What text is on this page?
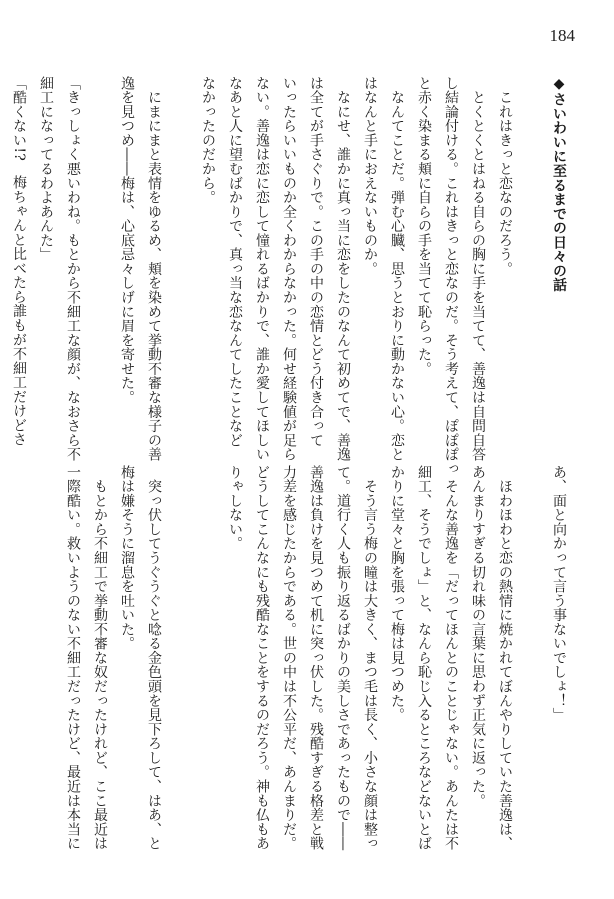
184
◆さいわいに至るまでの日々の話
　これはきっと恋なのだろう。
　とくとくとはねる自らの胸に手を当てて、善逸は自問自答
し結論付ける。これはきっと恋なのだ。そう考えて、ぽぽぽっ
と赤く染まる頬に自らの手を当てて恥らった。
　なんてことだ。弾む心臓、思うとおりに動かない心。恋と
はなんと手におえないものか。
　なにせ、誰かに真っ当に恋をしたのなんて初めてで、善逸
は全てが手さぐりで。この手の中の恋情とどう付き合って
いったらいいものか全くわからなかった。何せ経験値が足ら
ない。善逸は恋に恋して憧れるばかりで、誰か愛してほしい
なあと人に望むばかりで、真っ当な恋なんてしたことなど
なかったのだから。
　にまにまと表情をゆるめ、頬を染めて挙動不審な様子の善
逸を見つめ――梅は、心底忌々しげに眉を寄せた。
「きっしょく悪いわね。もとから不細工な顔が、なおさら不
細工になってるわよあんた」
「酷くない!?　梅ちゃんと比べたら誰もが不細工だけどさ
あ、面と向かって言う事ないでしょ！」
　ほわほわと恋の熱情に焼かれてぼんやりしていた善逸は、
あんまりすぎる切れ味の言葉に思わず正気に返った。
　そんな善逸を「だってほんとのことじゃない。あんたは不
細工、そうでしょ」と、なんら恥じ入るところなどないとば
かりに堂々と胸を張って梅は見つめた。
　そう言う梅の瞳は大きく、まつ毛は長く、小さな顔は整っ
て。道行く人も振り返るばかりの美しさであったもので――
善逸は負けを見つめて机に突っ伏した。残酷すぎる格差と戦
力差を感じたからである。世の中は不公平だ、あんまりだ。
どうしてこんなにも残酷なことをするのだろう。神も仏もあ
りゃしない。
　突っ伏してうぐうぐと唸る金色頭を見下ろして、はあ、と
梅は嫌そうに溜息を吐いた。
　もとから不細工で挙動不審な奴だったけれど、ここ最近は
一際酷い。救いようのない不細工だったけど、最近は本当に
